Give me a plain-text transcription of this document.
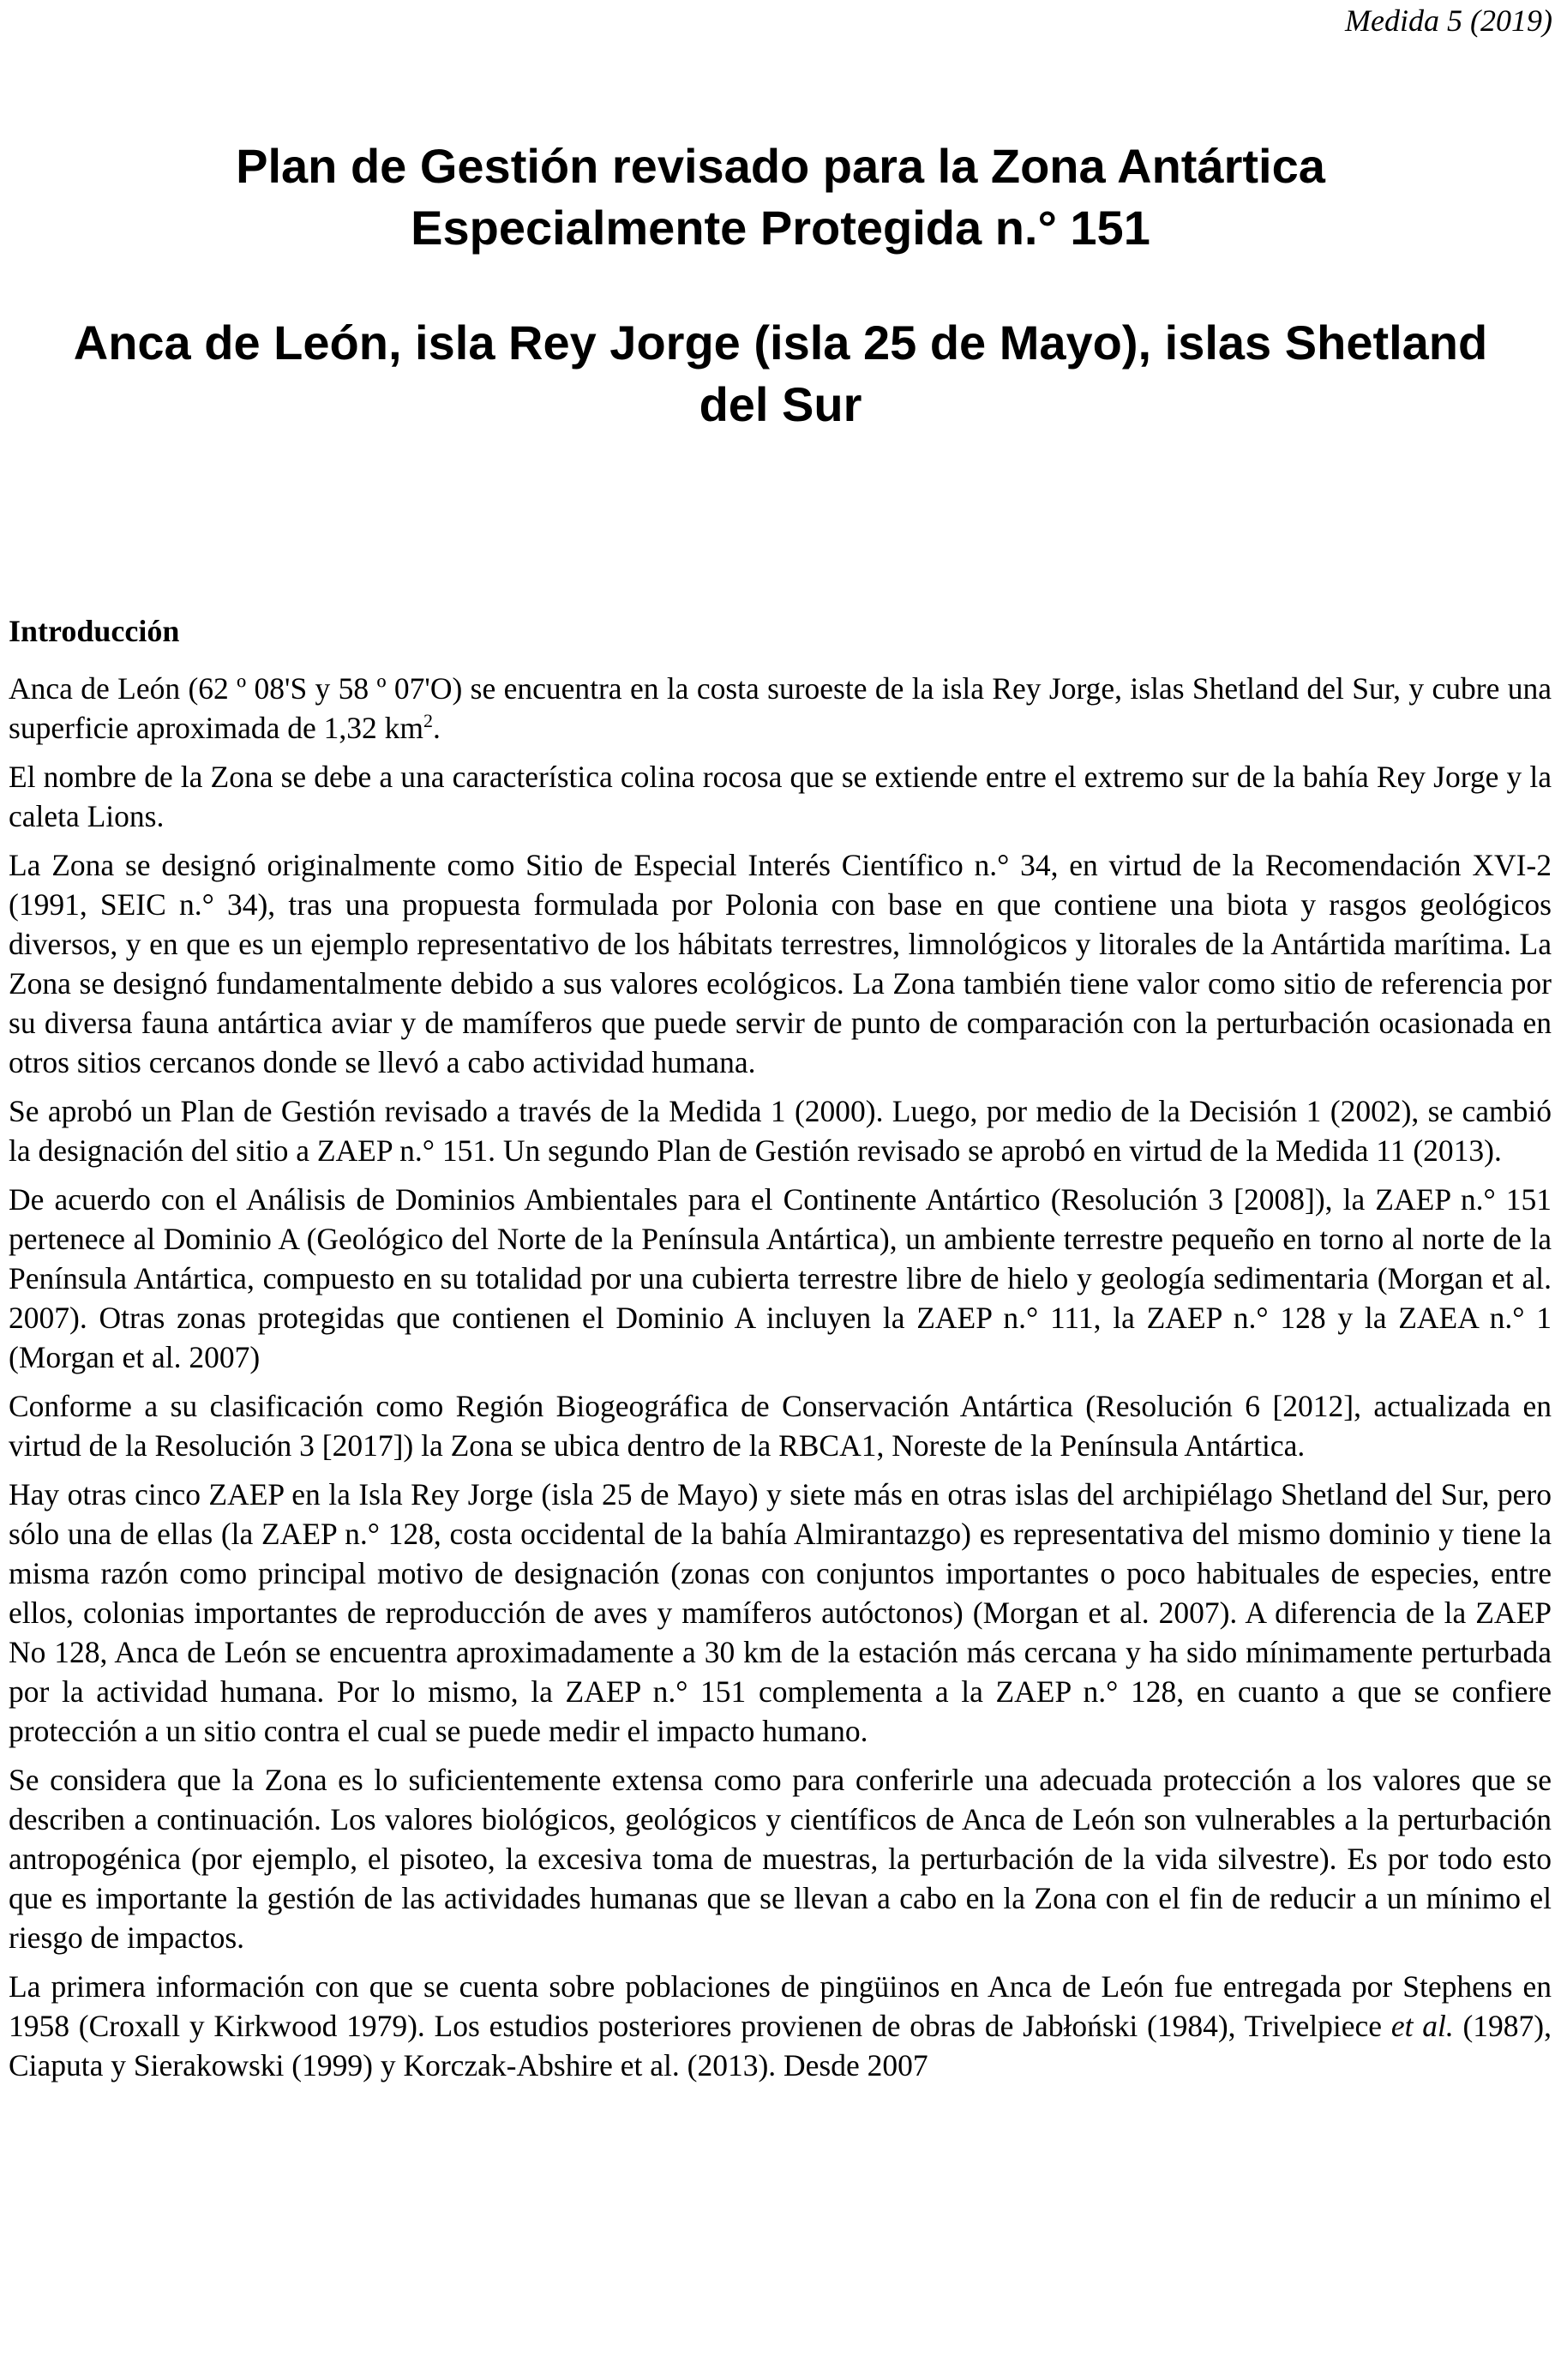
Medida 5 (2019)

Plan de Gestión revisado para la Zona Antártica
Especialmente Protegida n.° 151
Anca de León, isla Rey Jorge (isla 25 de Mayo), islas Shetland
del Sur
Introducción

Anca de León (62 º 08'S y 58 º 07'O) se encuentra en la costa suroeste de la isla Rey Jorge, islas Shetland del Sur, y cubre una superficie aproximada de 1,32 $km^2$.

El nombre de la Zona se debe a una característica colina rocosa que se extiende entre el extremo sur de la bahía Rey Jorge y la caleta Lions.

La Zona se designó originalmente como Sitio de Especial Interés Científico n.° 34, en virtud de la Recomendación XVI-2 (1991, SEIC n.° 34), tras una propuesta formulada por Polonia con base en que contiene una biota y rasgos geológicos diversos, y en que es un ejemplo representativo de los hábitats terrestres, limnológicos y litorales de la Antártida marítima. La Zona se designó fundamentalmente debido a sus valores ecológicos. La Zona también tiene valor como sitio de referencia por su diversa fauna antártica aviar y de mamíferos que puede servir de punto de comparación con la perturbación ocasionada en otros sitios cercanos donde se llevó a cabo actividad humana.

Se aprobó un Plan de Gestión revisado a través de la Medida 1 (2000). Luego, por medio de la Decisión 1 (2002), se cambió la designación del sitio a ZAEP n.° 151. Un segundo Plan de Gestión revisado se aprobó en virtud de la Medida 11 (2013).

De acuerdo con el Análisis de Dominios Ambientales para el Continente Antártico (Resolución 3 [2008]), la ZAEP n.° 151 pertenece al Dominio A (Geológico del Norte de la Península Antártica), un ambiente terrestre pequeño en torno al norte de la Península Antártica, compuesto en su totalidad por una cubierta terrestre libre de hielo y geología sedimentaria (Morgan et al. 2007). Otras zonas protegidas que contienen el Dominio A incluyen la ZAEP n.° 111, la ZAEP n.° 128 y la ZAEA n.° 1 (Morgan et al. 2007)

Conforme a su clasificación como Región Biogeográfica de Conservación Antártica (Resolución 6 [2012], actualizada en virtud de la Resolución 3 [2017]) la Zona se ubica dentro de la RBCA1, Noreste de la Península Antártica.

Hay otras cinco ZAEP en la Isla Rey Jorge (isla 25 de Mayo) y siete más en otras islas del archipiélago Shetland del Sur, pero sólo una de ellas (la ZAEP n.° 128, costa occidental de la bahía Almirantazgo) es representativa del mismo dominio y tiene la misma razón como principal motivo de designación (zonas con conjuntos importantes o poco habituales de especies, entre ellos, colonias importantes de reproducción de aves y mamíferos autóctonos) (Morgan et al. 2007). A diferencia de la ZAEP No 128, Anca de León se encuentra aproximadamente a 30 km de la estación más cercana y ha sido mínimamente perturbada por la actividad humana. Por lo mismo, la ZAEP n.° 151 complementa a la ZAEP n.° 128, en cuanto a que se confiere protección a un sitio contra el cual se puede medir el impacto humano.

Se considera que la Zona es lo suficientemente extensa como para conferirle una adecuada protección a los valores que se describen a continuación. Los valores biológicos, geológicos y científicos de Anca de León son vulnerables a la perturbación antropogénica (por ejemplo, el pisoteo, la excesiva toma de muestras, la perturbación de la vida silvestre). Es por todo esto que es importante la gestión de las actividades humanas que se llevan a cabo en la Zona con el fin de reducir a un mínimo el riesgo de impactos.

La primera información con que se cuenta sobre poblaciones de pingüinos en Anca de León fue entregada por Stephens en 1958 (Croxall y Kirkwood 1979). Los estudios posteriores provienen de obras de Jabłoński (1984), Trivelpiece et al. (1987), Ciaputa y Sierakowski (1999) y Korczak-Abshire et al. (2013). Desde 2007
